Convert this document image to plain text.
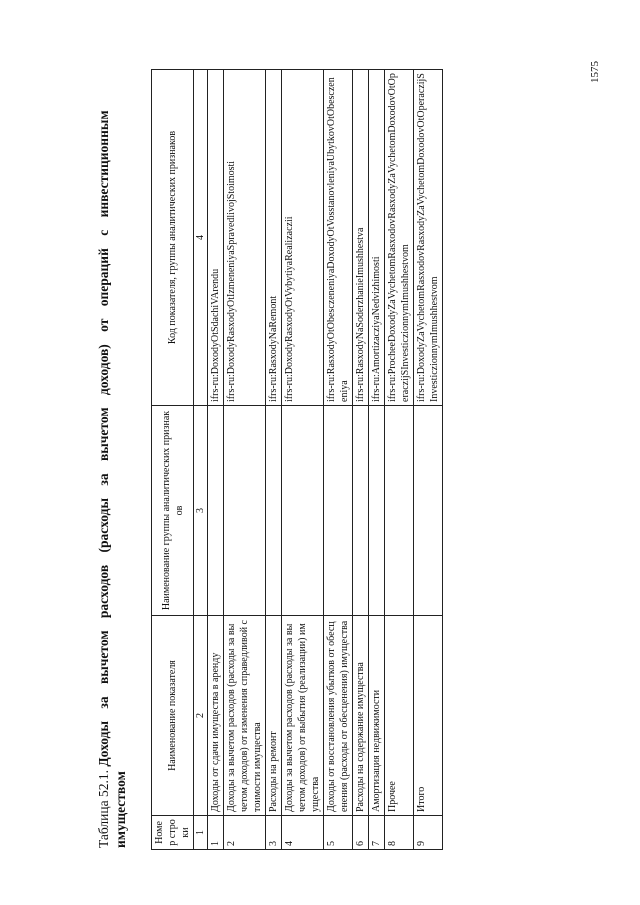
1575
Таблица 52.1. Доходы за вычетом расходов (расходы за вычетом доходов) от операций с инвестиционным имуществом	Номер строки	Наименование показателя	Наименование группы аналитических признаков	Код показателя, группы аналитических признаков
1	2	3	4
1	Доходы от сдачи имущества в аренду		ifrs-ru:DoxodyOtSdachiVArendu
2	Доходы за вычетом расходов (расходы за вычетом доходов) от изменения справедливой стоимости имущества		ifrs-ru:DoxodyRasxodyOtIzmeneniyaSpravedlivojStoimosti
3	Расходы на ремонт		ifrs-ru:RasxodyNaRemont
4	Доходы за вычетом расходов (расходы за вычетом доходов) от выбытия (реализации) имущества		ifrs-ru:DoxodyRasxodyOtVybytiyaRealizaczii
5	Доходы от восстановления убытков от обесценения (расходы от обесценения) имущества		ifrs-ru:RasxodyOtObesczeneniyaDoxodyOtVosstanovleniyaUbytkovOtObesczeneniya
6	Расходы на содержание имущества		ifrs-ru:RasxodyNaSoderzhanieImushhestva
7	Амортизация недвижимости		ifrs-ru:AmortizacziyaNedvizhimosti
8	Прочее		ifrs-ru:ProcheeDoxodyZaVychetomRasxodovRasxodyZaVychetomDoxodovOtOperaczijSInvesticzionnymImushhestvom
9	Итого		ifrs-ru:DoxodyZaVychetomRasxodovRasxodyZaVychetomDoxodovOtOperaczijSInvesticzionnymImushhestvom
